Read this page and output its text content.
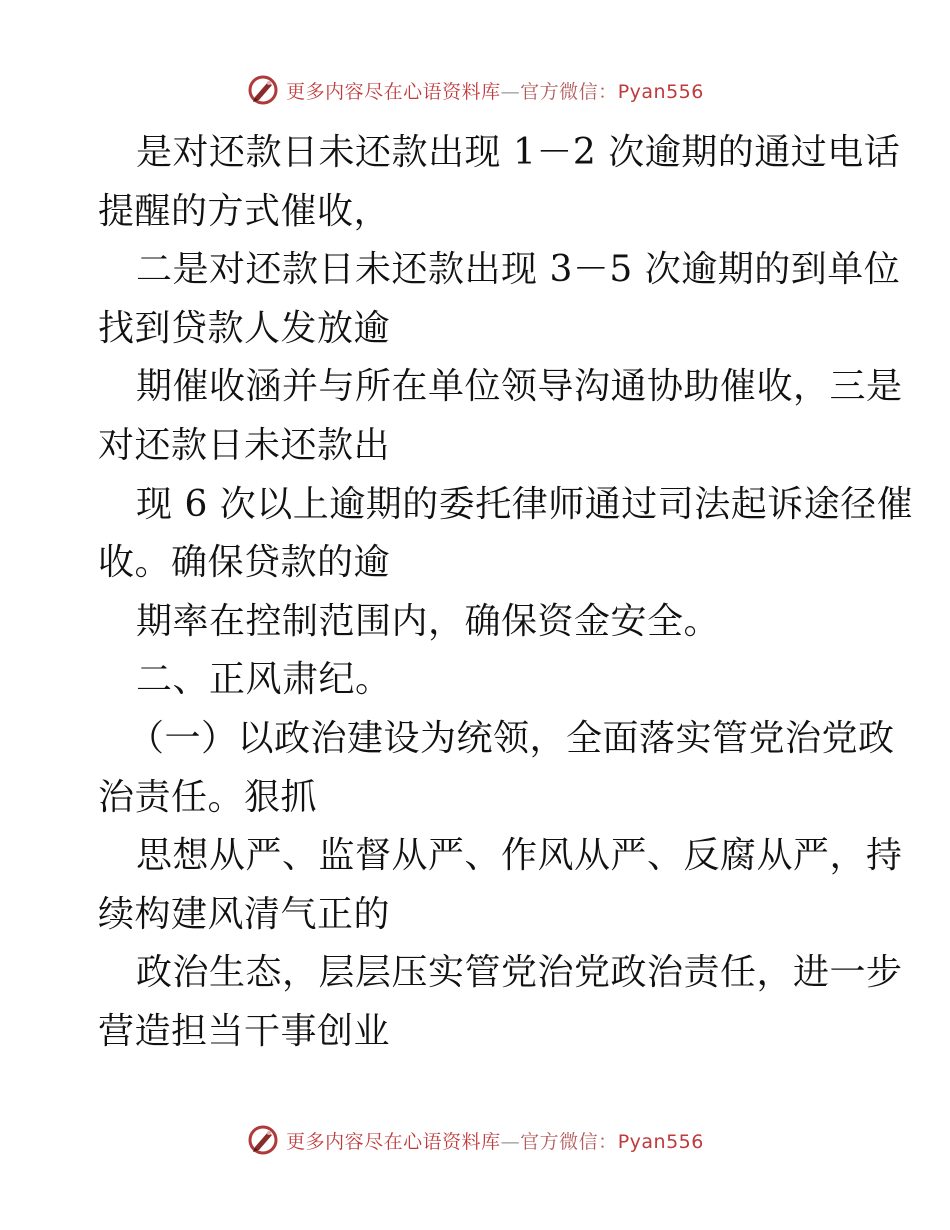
更多内容尽在心语资料库—官方微信：Pyan556
是对还款日未还款出现 1－2 次逾期的通过电话
提醒的方式催收，
二是对还款日未还款出现 3－5 次逾期的到单位
找到贷款人发放逾
期催收涵并与所在单位领导沟通协助催收，三是
对还款日未还款出
现 6 次以上逾期的委托律师通过司法起诉途径催
收。确保贷款的逾
期率在控制范围内，确保资金安全。
二、正风肃纪。
（一）以政治建设为统领，全面落实管党治党政
治责任。狠抓
思想从严、监督从严、作风从严、反腐从严，持
续构建风清气正的
政治生态，层层压实管党治党政治责任，进一步
营造担当干事创业
更多内容尽在心语资料库—官方微信：Pyan556
